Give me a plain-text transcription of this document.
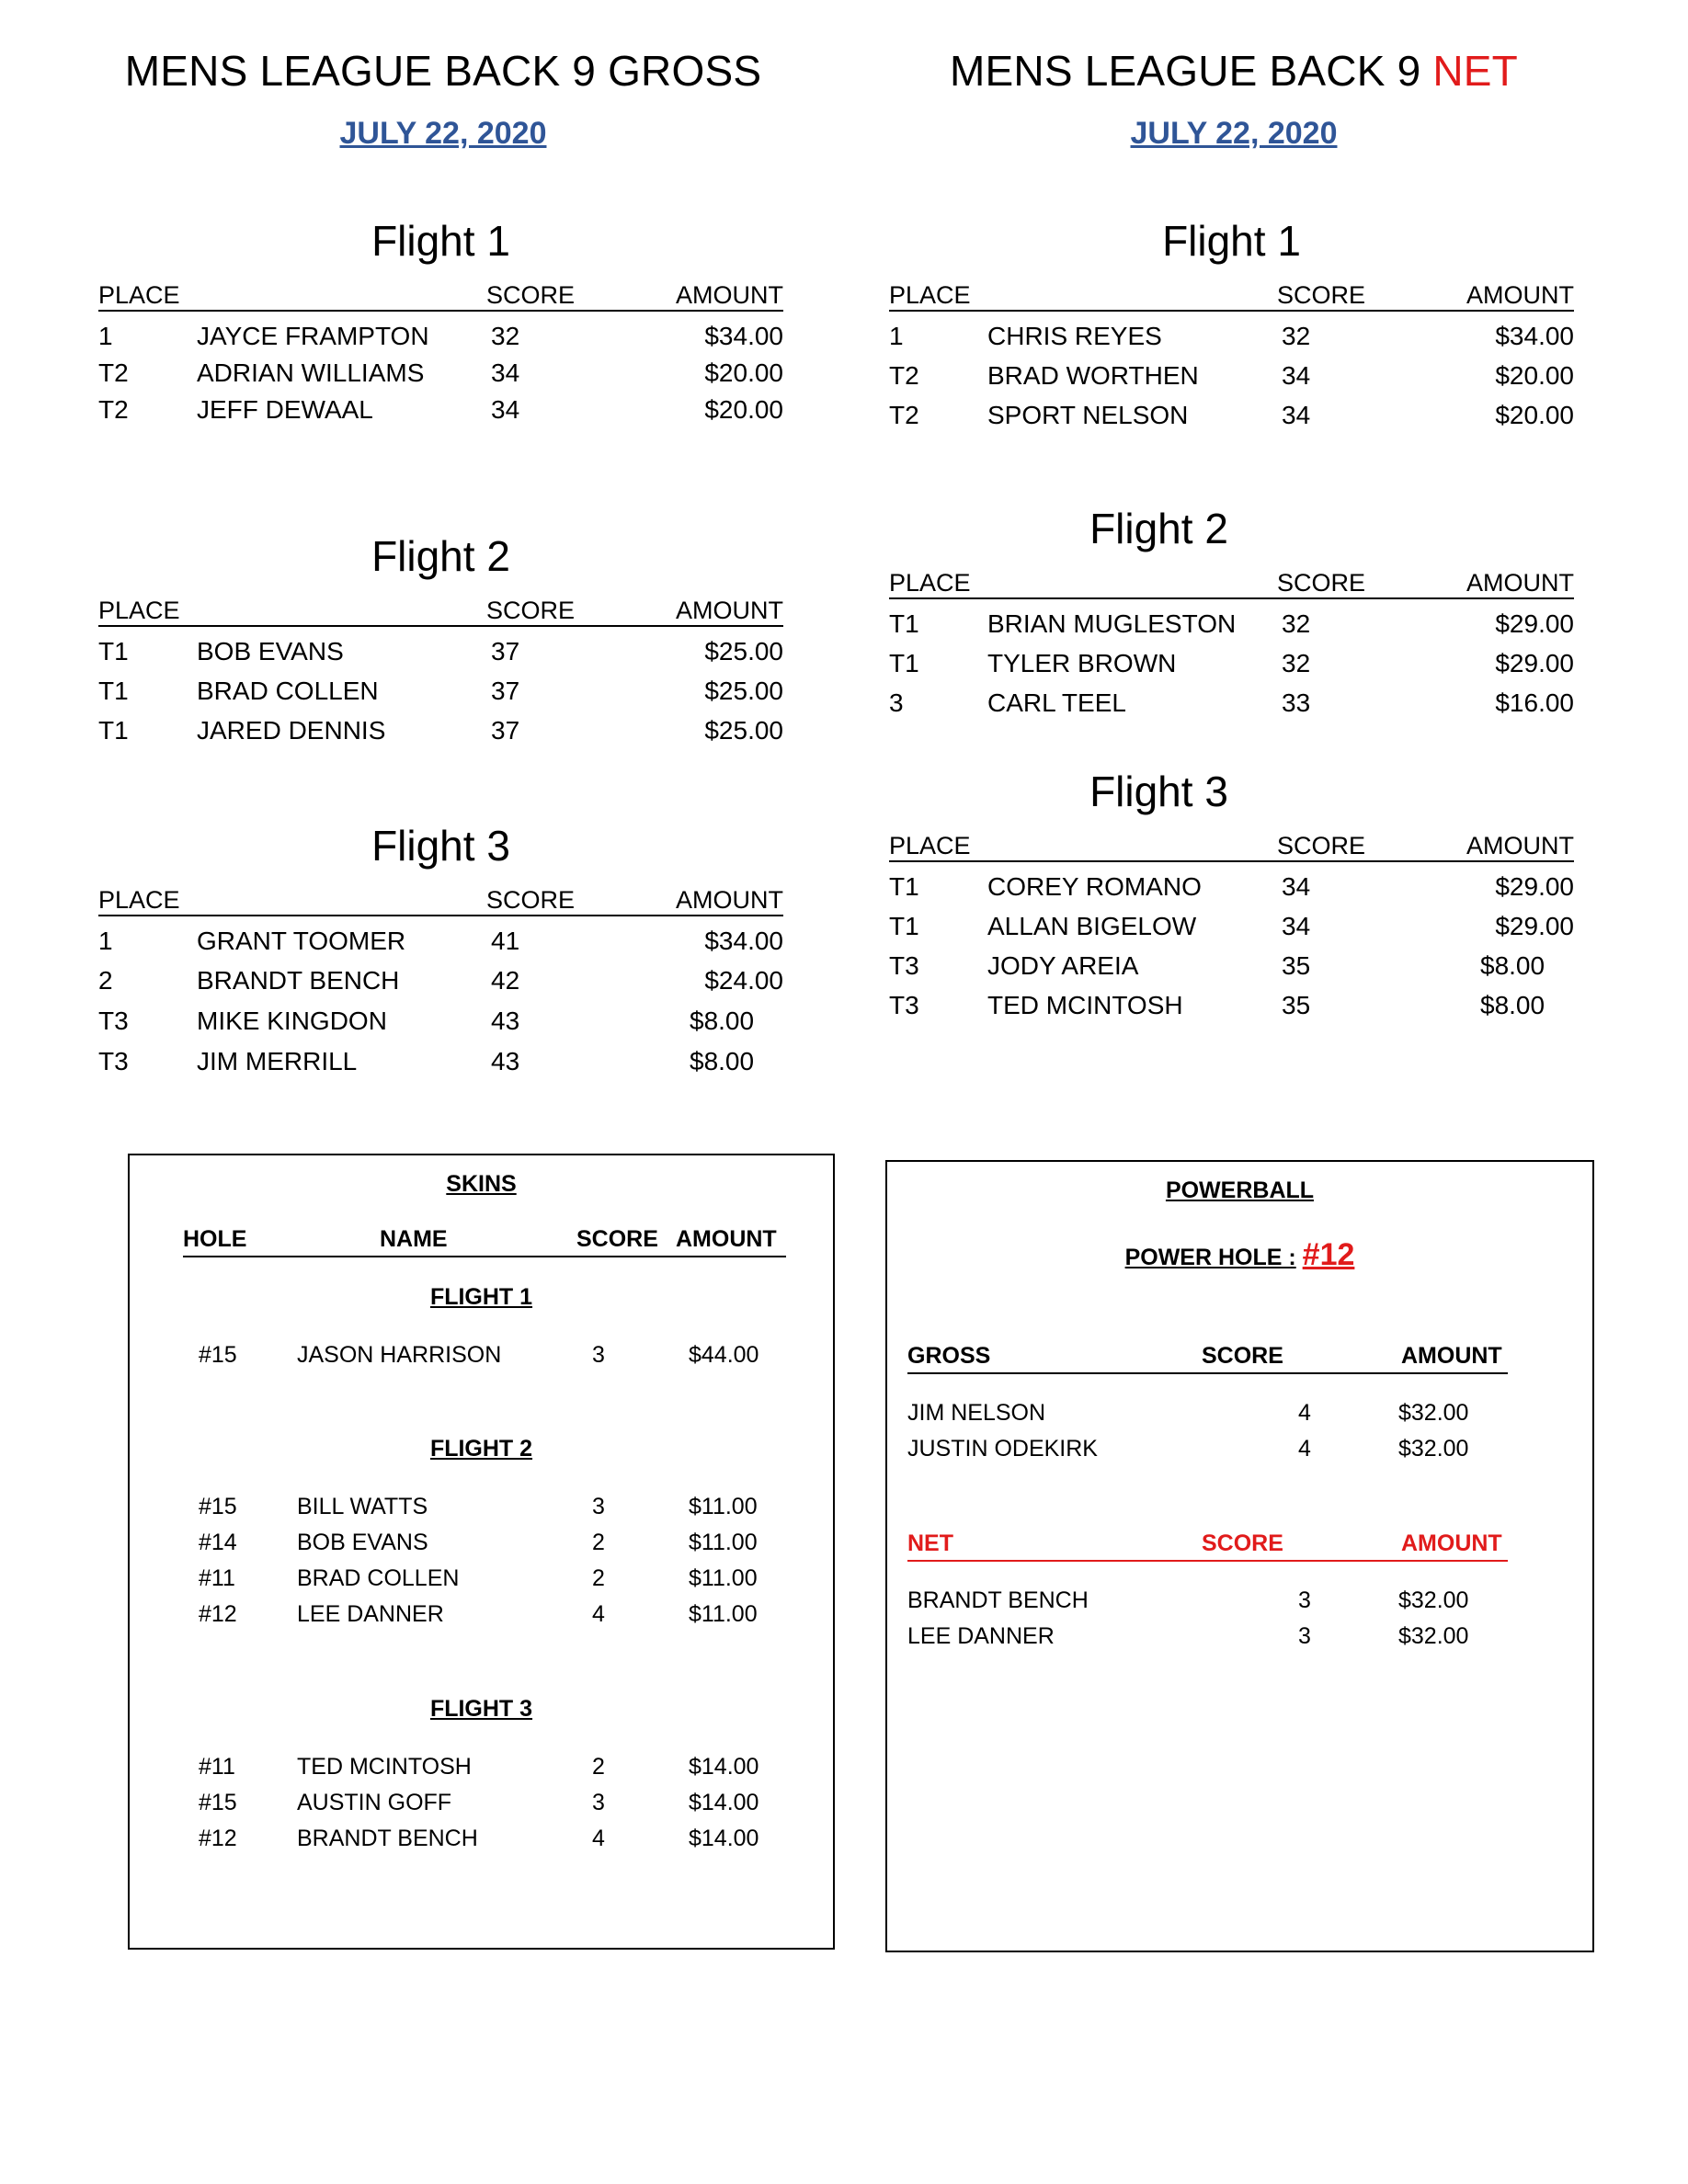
MENS LEAGUE BACK 9 GROSS
JULY 22, 2020
Flight 1
PLACE	SCORE	AMOUNT
1	JAYCE FRAMPTON 32	$34.00
T2	ADRIAN WILLIAMS	34	$20.00
T2	JEFF DEWAAL	34	$20.00
Flight 2
PLACE	SCORE	AMOUNT
T1	BOB EVANS	37	$25.00
T1	BRAD COLLEN	37	$25.00
T1	JARED DENNIS	37	$25.00
Flight 3
PLACE	SCORE	AMOUNT
1	GRANT TOOMER	41	$34.00
2	BRANDT BENCH	42	$24.00
T3	MIKE KINGDON	43	$8.00
T3	JIM MERRILL	43	$8.00
MENS LEAGUE BACK 9 NET
JULY 22, 2020
Flight 1
PLACE	SCORE	AMOUNT
1	CHRIS REYES	32	$34.00
T2	BRAD WORTHEN	34	$20.00
T2	SPORT NELSON	34	$20.00
Flight 2
PLACE	SCORE	AMOUNT
T1	BRIAN MUGLESTON 32	$29.00
T1	TYLER BROWN	32	$29.00
3	CARL TEEL	33	$16.00
Flight 3
PLACE	SCORE	AMOUNT
T1	COREY ROMANO	34	$29.00
T1	ALLAN BIGELOW	34	$29.00
T3	JODY AREIA	35	$8.00
T3	TED MCINTOSH	35	$8.00
SKINS
HOLE	NAME	SCORE AMOUNT
FLIGHT 1
#15	JASON HARRISON	3	$44.00
FLIGHT 2
#15	BILL WATTS	3	$11.00
#14	BOB EVANS	2	$11.00
#11	BRAD COLLEN	2	$11.00
#12	LEE DANNER	4	$11.00
FLIGHT 3
#11	TED MCINTOSH	2	$14.00
#15	AUSTIN GOFF	3	$14.00
#12	BRANDT BENCH	4	$14.00
POWERBALL
POWER HOLE : #12
GROSS	SCORE	AMOUNT
JIM NELSON	4	$32.00
JUSTIN ODEKIRK	4	$32.00
NET	SCORE	AMOUNT
BRANDT BENCH	3	$32.00
LEE DANNER	3	$32.00
